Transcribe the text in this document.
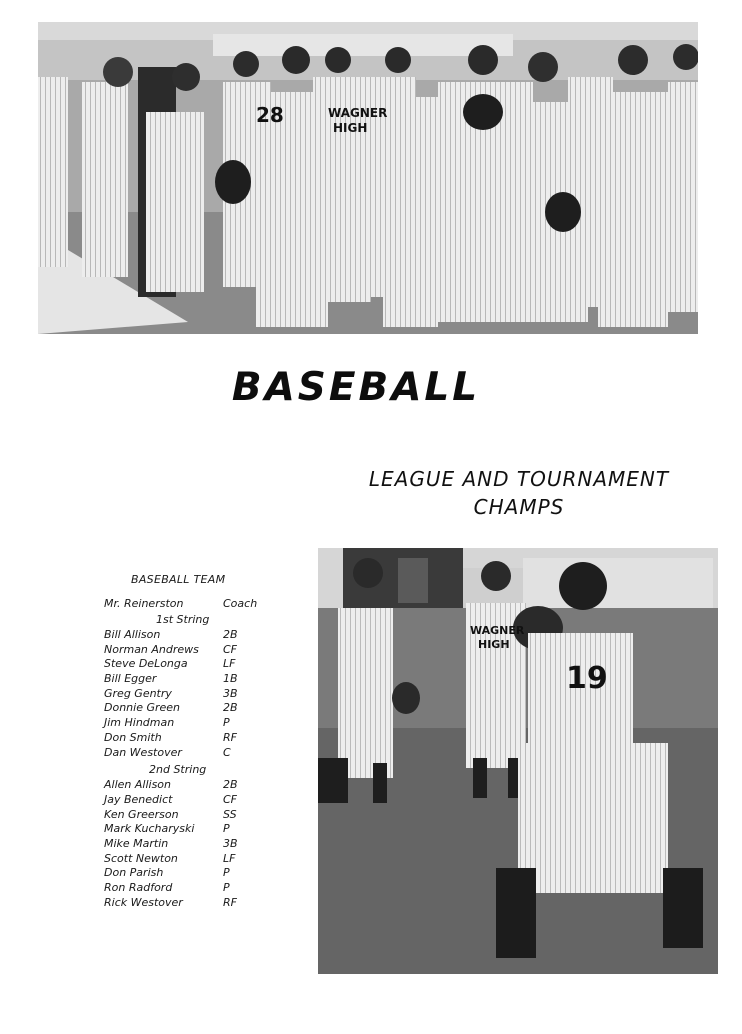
28	WAGNER
HIGH
BASEBALL
LEAGUE AND TOURNAMENT
CHAMPS
BASEBALL TEAM
Mr. Reinerston	Coach
1st String
Bill Allison	2B
Norman Andrews CF
Steve DeLonga	LF
Bill Egger	1B
Greg Gentry	3B
Donnie Green	2B
Jim Hindman	P
Don Smith	RF
Dan Westover	C
2nd String
Allen Allison	2B
Jay Benedict	CF
Ken Greerson	SS
Mark Kucharyski	P
Mike Martin	3B
Scott Newton	LF
Don Parish	P
Ron Radford	P
Rick Westover	RF
19
WAGNER
HIGH
